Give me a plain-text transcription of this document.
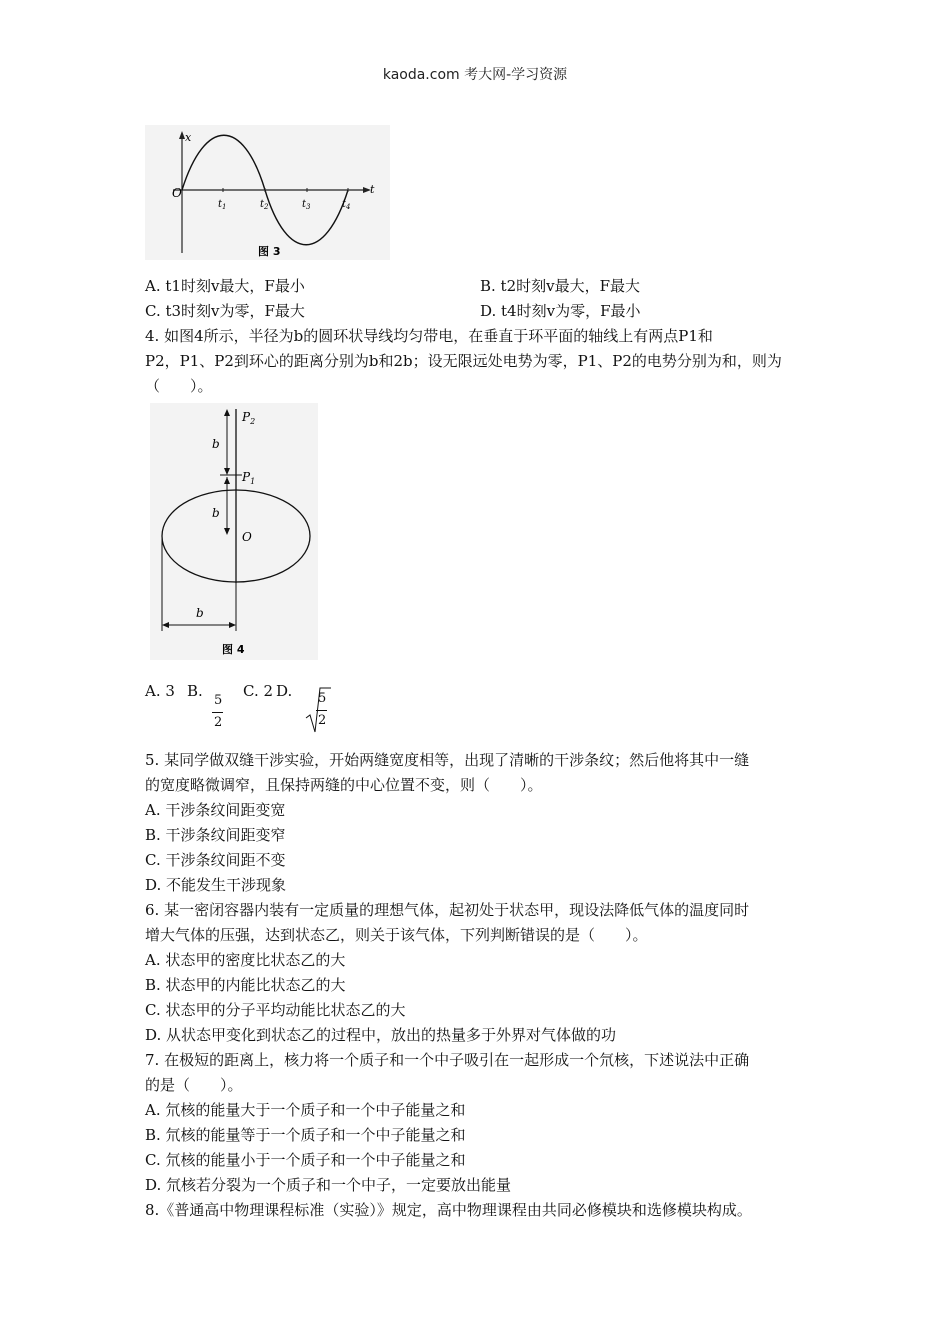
kaoda.com 考大网-学习资源
x
t
O
$t_1$	$t_2$	$t_3$	$t_4$
图 3
A. t1时刻v最大，F最小	B. t2时刻v最大，F最大
C. t3时刻v为零，F最大	D. t4时刻v为零，F最小
4. 如图4所示，半径为b的圆环状导线均匀带电，在垂直于环平面的轴线上有两点P1和
P2，P1、P2到环心的距离分别为b和2b；设无限远处电势为零，P1、P2的电势分别为和，则为
（　　）。
$P_2$
$P_1$
O
b
b
b
图 4
A. 3 B.
5
2
C. 2 D. 5
2
5. 某同学做双缝干涉实验，开始两缝宽度相等，出现了清晰的干涉条纹；然后他将其中一缝
的宽度略微调窄，且保持两缝的中心位置不变，则（　　）。
A. 干涉条纹间距变宽
B. 干涉条纹间距变窄
C. 干涉条纹间距不变
D. 不能发生干涉现象
6. 某一密闭容器内装有一定质量的理想气体，起初处于状态甲，现设法降低气体的温度同时
增大气体的压强，达到状态乙，则关于该气体，下列判断错误的是（　　）。
A. 状态甲的密度比状态乙的大
B. 状态甲的内能比状态乙的大
C. 状态甲的分子平均动能比状态乙的大
D. 从状态甲变化到状态乙的过程中，放出的热量多于外界对气体做的功
7. 在极短的距离上，核力将一个质子和一个中子吸引在一起形成一个氘核，下述说法中正确
的是（　　）。
A. 氘核的能量大于一个质子和一个中子能量之和
B. 氘核的能量等于一个质子和一个中子能量之和
C. 氘核的能量小于一个质子和一个中子能量之和
D. 氘核若分裂为一个质子和一个中子，一定要放出能量
8.《普通高中物理课程标准（实验）》规定，高中物理课程由共同必修模块和选修模块构成。
